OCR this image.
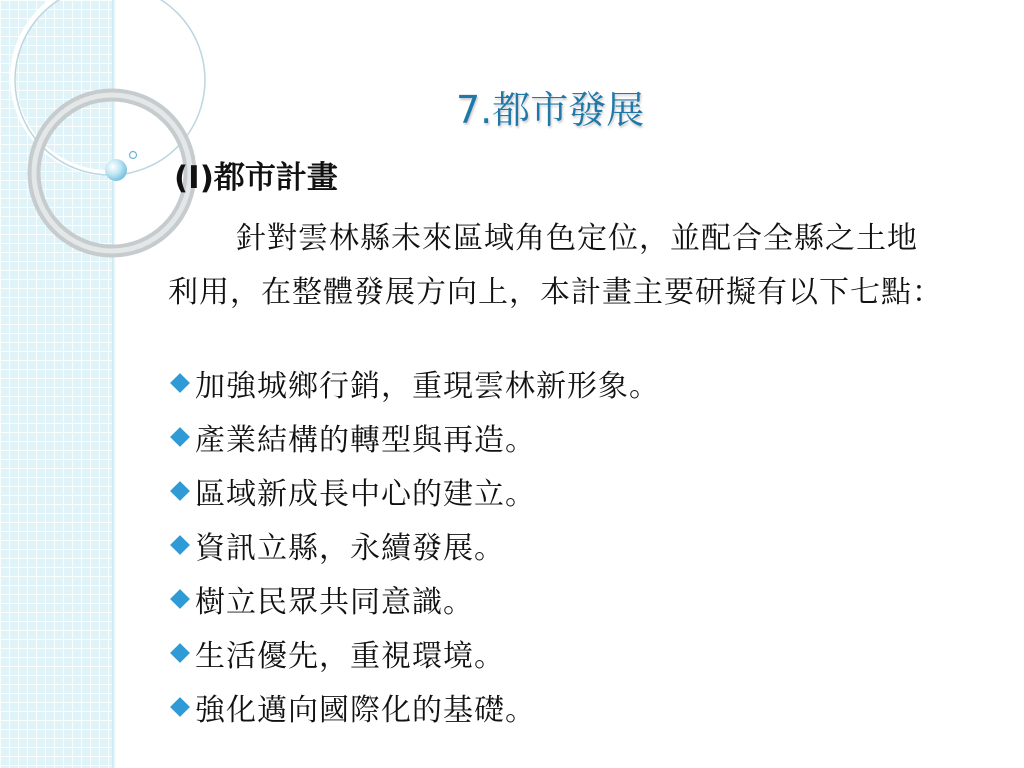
7.都市發展
(I)都市計畫

針對雲林縣未來區域角色定位，並配合全縣之土地利用，在整體發展方向上，本計畫主要研擬有以下七點：

加強城鄉行銷，重現雲林新形象。
產業結構的轉型與再造。
區域新成長中心的建立。
資訊立縣，永續發展。
樹立民眾共同意識。
生活優先，重視環境。
強化邁向國際化的基礎。
